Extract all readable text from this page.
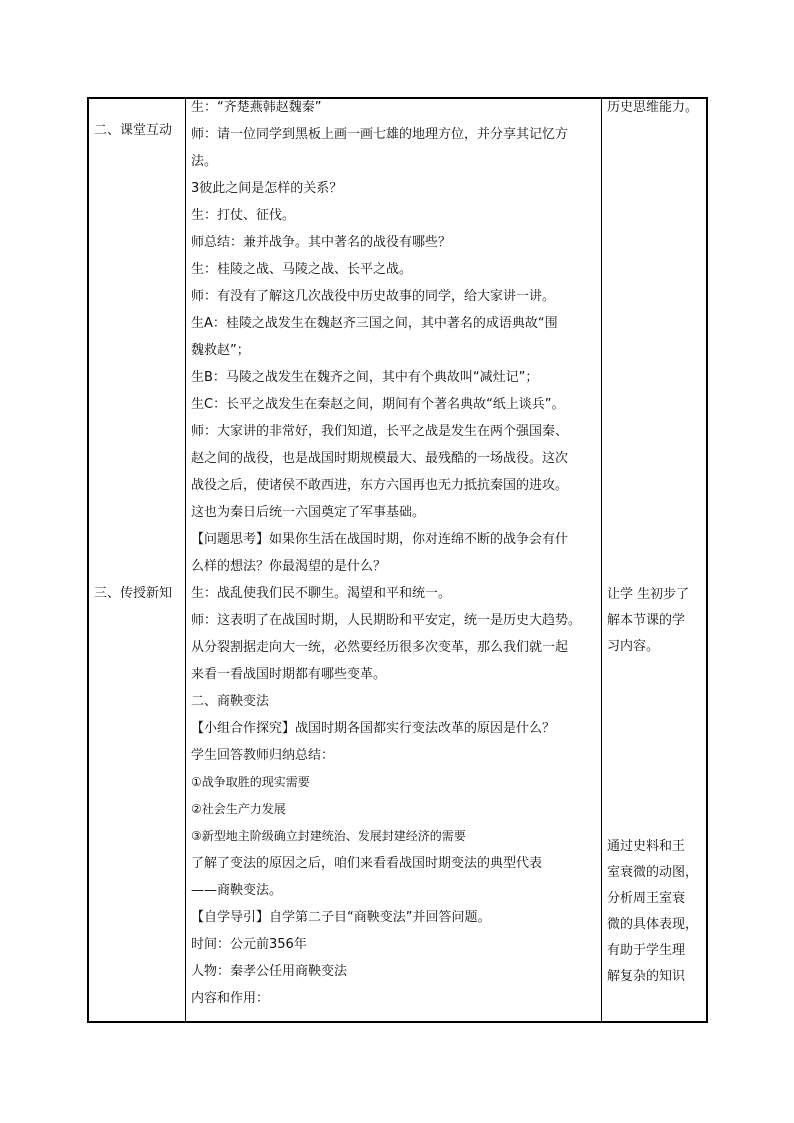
二、课堂互动
三、传授新知
生：“齐楚燕韩赵魏秦”
师：请一位同学到黑板上画一画七雄的地理方位，并分享其记忆方
法。
3彼此之间是怎样的关系？
生：打仗、征伐。
师总结：兼并战争。其中著名的战役有哪些？
生：桂陵之战、马陵之战、长平之战。
师：有没有了解这几次战役中历史故事的同学，给大家讲一讲。
生A：桂陵之战发生在魏赵齐三国之间，其中著名的成语典故“围
魏救赵”；
生B：马陵之战发生在魏齐之间，其中有个典故叫“减灶记”；
生C：长平之战发生在秦赵之间，期间有个著名典故“纸上谈兵”。
师：大家讲的非常好，我们知道，长平之战是发生在两个强国秦、
赵之间的战役，也是战国时期规模最大、最残酷的一场战役。这次
战役之后，使诸侯不敢西进，东方六国再也无力抵抗秦国的进攻。
这也为秦日后统一六国奠定了军事基础。
【问题思考】如果你生活在战国时期，你对连绵不断的战争会有什
么样的想法？你最渴望的是什么？
生：战乱使我们民不聊生。渴望和平和统一。
师：这表明了在战国时期，人民期盼和平安定，统一是历史大趋势。
从分裂割据走向大一统，必然要经历很多次变革，那么我们就一起
来看一看战国时期都有哪些变革。
二、商鞅变法
【小组合作探究】战国时期各国都实行变法改革的原因是什么？
学生回答教师归纳总结：
①战争取胜的现实需要
②社会生产力发展
③新型地主阶级确立封建统治、发展封建经济的需要
了解了变法的原因之后，咱们来看看战国时期变法的典型代表
——商鞅变法。
【自学导引】自学第二子目“商鞅变法”并回答问题。
时间：公元前356年
人物：秦孝公任用商鞅变法
内容和作用：
历史思维能力。
让学 生初步了
解本节课的学
习内容。
通过史料和王
室衰微的动图，
分析周王室衰
微的具体表现，
有助于学生理
解复杂的知识
